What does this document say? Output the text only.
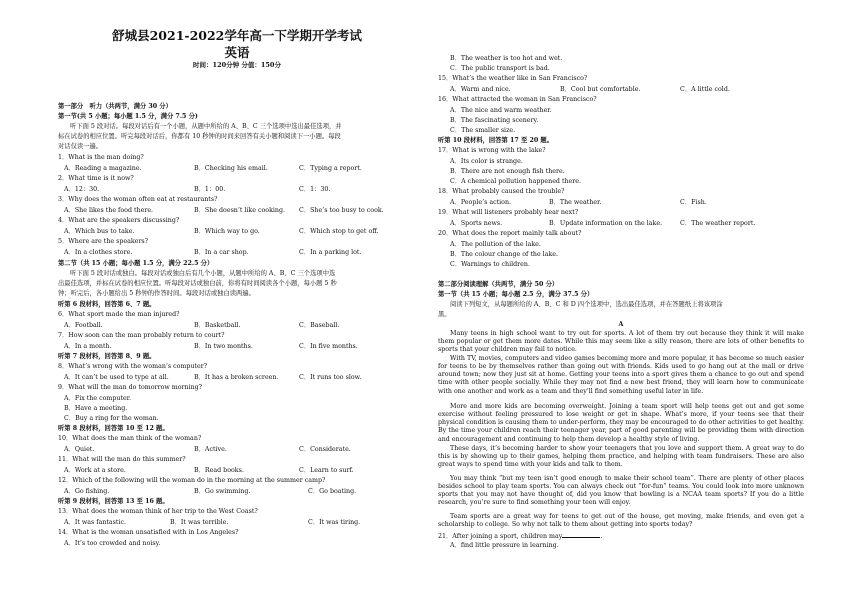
舒城县2021-2022学年高一下学期开学考试
英语
时间：120分钟 分值：150分
第一部分　听力（共两节，满分 30 分）
第一节(共 5 小题；每小题 1.5 分，满分 7.5 分)
听下面 5 段对话。每段对话后有一个小题，从题中所给的 A、B、C 三个选项中选出最佳选项，并
标在试卷的相应位置。听完每段对话后，你都有 10 秒钟的时间来回答有关小题和阅读下一小题。每段
对话仅读一遍。
1．What is the man doing?
A．Reading a magazine.	B．Checking his email.	C．Typing a report.
2．What time is it now?
A．12：30.	B．1：00.	C．1：30.
3．Why does the woman often eat at restaurants?
A．She likes the food there.	B．She doesn’t like cooking. C．She’s too busy to cook.
4．What are the speakers discussing?
A．Which bus to take.	B．Which way to go.	C．Which stop to get off.
5．Where are the speakers?
A．In a clothes store.	B．In a car shop.	C．In a parking lot.
第二节（共 15 小题；每小题 1.5 分，满分 22.5 分）
听下面 5 段对话或独白。每段对话或独白后有几个小题，从题中所给的 A、B、C 三个选项中选
出最佳选项，并标在试卷的相应位置。听每段对话或独白前，你将有时间阅读各个小题，每小题 5 秒
钟；听完后，各小题给出 5 秒钟的作答时间。每段对话或独白读两遍。
听第 6 段材料，回答第 6、7 题。
6．What sport made the man injured?
A．Football.	B．Basketball.	C．Baseball.
7．How soon can the man probably return to court?
A．In a month.	B．In two months.	C．In five months.
听第 7 段材料，回答第 8、9 题。
8．What’s wrong with the woman’s computer?
A．It can’t be used to type at all.	B．It has a broken screen.	C．It runs too slow.
9．What will the man do tomorrow morning?
A．Fix the computer.
B．Have a meeting.
C．Buy a ring for the woman.
听第 8 段材料，回答第 10 至 12 题。
10．What does the man think of the woman?
A．Quiet.	B．Active.	C．Considerate.
11．What will the man do this summer?
A．Work at a store.	B．Read books.	C．Learn to surf.
12．Which of the following will the woman do in the morning at the summer camp?
A．Go fishing.	B．Go swimming.	C．Go boating.
听第 9 段材料，回答第 13 至 16 题。
13．What does the woman think of her trip to the West Coast?
A．It was fantastic.	B．It was terrible.	C．It was tiring.
14．What is the woman unsatisfied with in Los Angeles?
A．It’s too crowded and noisy.
B．The weather is too hot and wet.
C．The public transport is bad.
15．What’s the weather like in San Francisco?
A．Warm and nice.	B．Cool but comfortable.	C．A little cold.
16．What attracted the woman in San Francisco?
A．The nice and warm weather.
B．The fascinating scenery.
C．The smaller size.
听第 10 段材料，回答第 17 至 20 题。
17．What is wrong with the lake?
A．Its color is strange.
B．There are not enough fish there.
C．A chemical pollution happened there.
18．What probably caused the trouble?
A．People’s action.	B．The weather.	C．Fish.
19．What will listeners probably hear next?
A．Sports news.	B．Update information on the lake.	C．The weather report.
20．What does the report mainly talk about?
A．The pollution of the lake.
B．The colour change of the lake.
C．Warnings to children.
第二部分阅读理解（共两节，满分 50 分）
第一节（共 15 小题；每小题 2.5 分，满分 37.5 分）
阅读下列短文，从每题所给的 A、B、C 和 D 四个选项中，选出最佳选项，并在答题纸上将该项涂
黑。
A
Many teens in high school want to try out for sports. A lot of them try out because they think it will make them popular or get them more dates. While this may seem like a silly reason, there are lots of other benefits to sports that your children may fail to notice.
With TV, movies, computers and video games becoming more and more popular, it has become so much easier for teens to be by themselves rather than going out with friends. Kids used to go hang out at the mall or drive around town; now they just sit at home. Getting your teens into a sport gives them a chance to go out and spend time with other people socially. While they may not find a new best friend, they will learn how to communicate with one another and work as a team and they’ll find something useful later in life.
More and more kids are becoming overweight. Joining a team sport will help teens get out and get some exercise without feeling pressured to lose weight or get in shape. What’s more, if your teens see that their physical condition is causing them to under-perform, they may be encouraged to do other activities to get healthy. By the time your children reach their teenager year, part of good parenting will be providing them with direction and encouragement and continuing to help them develop a healthy style of living.
These days, it’s becoming harder to show your teenagers that you love and support them. A great way to do this is by showing up to their games, helping them practice, and helping with team fundraisers. These are also great ways to spend time with your kids and talk to them.
You may think “but my teen isn’t good enough to make their school team”. There are plenty of other places besides school to play team sports. You can always check out “for-fun” teams. You could look into more unknown sports that you may not have thought of, did you know that bowling is a NCAA team sports? If you do a little research, you’re sure to find something your teen will enjoy.
Team sports are a great way for teens to get out of the house, get moving, make friends, and even get a scholarship to college. So why not talk to them about getting into sports today?
21．After joining a sport, children may	.
A．find little pressure in learning.
